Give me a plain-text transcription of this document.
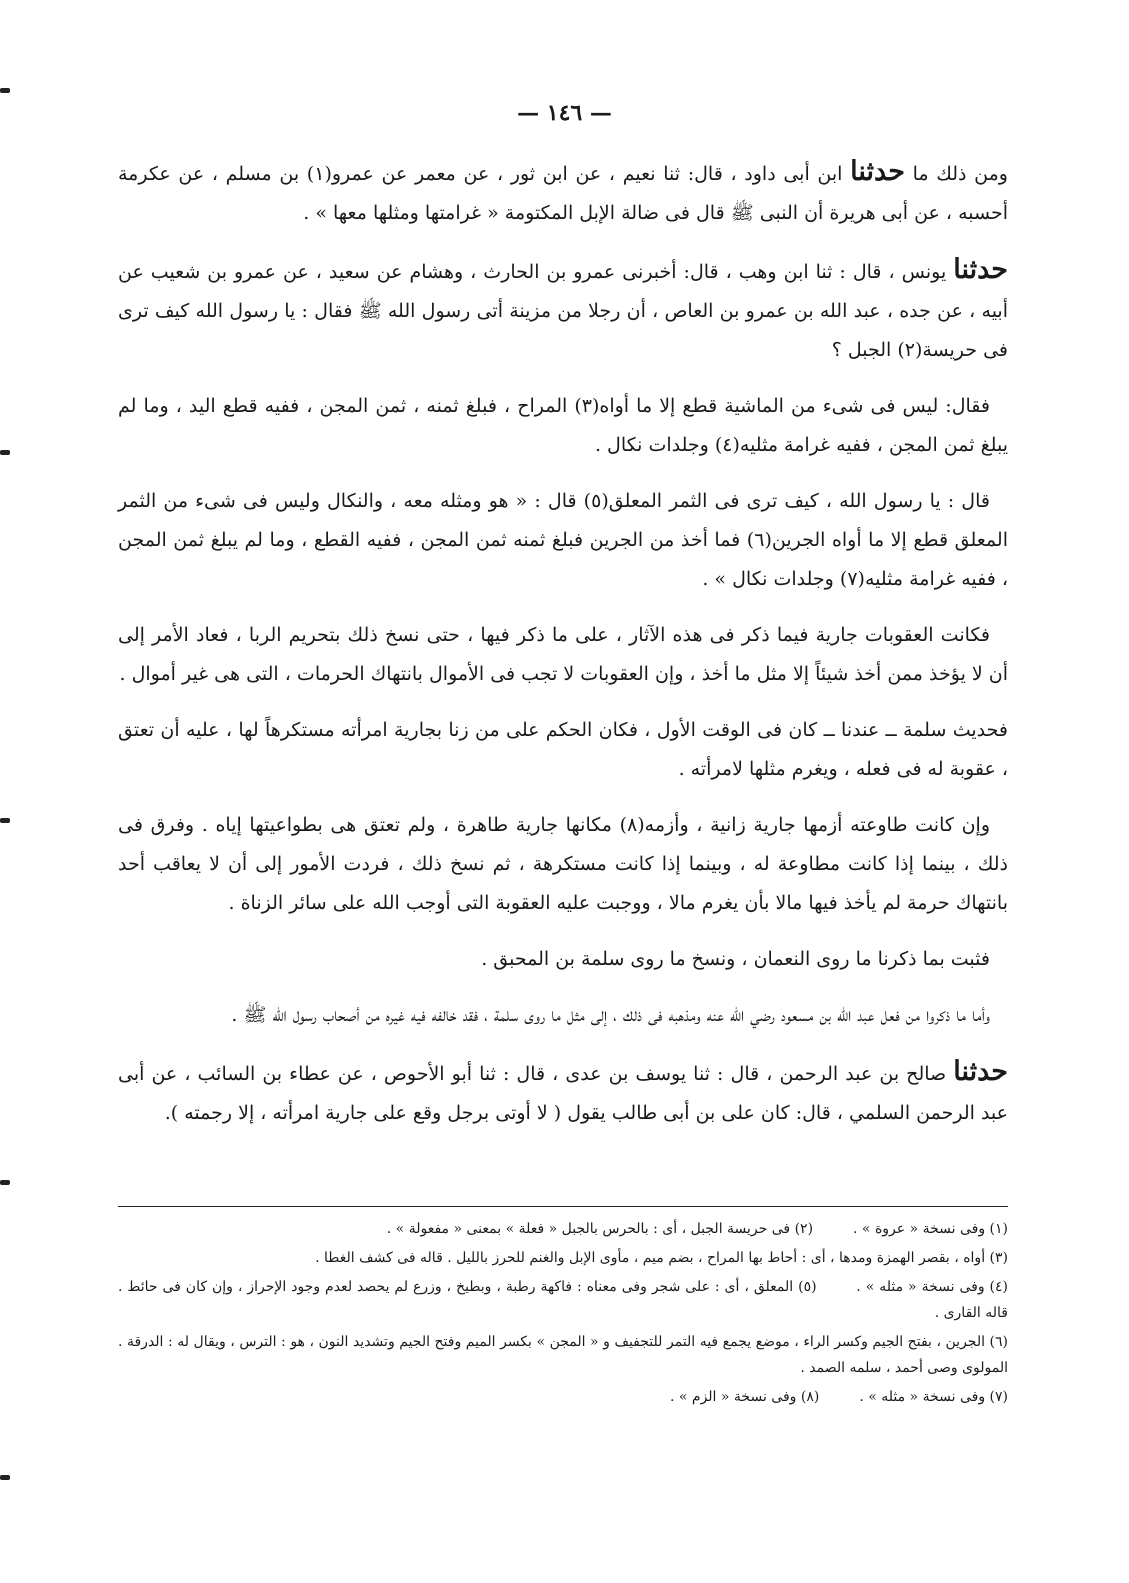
— ١٤٦ —

ومن ذلك ما حدثنا ابن أبى داود ، قال: ثنا نعيم ، عن ابن ثور ، عن معمر عن عمرو(١) بن مسلم ، عن عكرمة أحسبه ، عن أبى هريرة أن النبى ﷺ قال فى ضالة الإبل المكتومة « غرامتها ومثلها معها » .

حدثنا يونس ، قال : ثنا ابن وهب ، قال: أخبرنى عمرو بن الحارث ، وهشام عن سعيد ، عن عمرو بن شعيب عن أبيه ، عن جده ، عبد الله بن عمرو بن العاص ، أن رجلا من مزينة أتى رسول الله ﷺ فقال : يا رسول الله كيف ترى فى حريسة(٢) الجبل ؟

فقال: ليس فى شىء من الماشية قطع إلا ما أواه(٣) المراح ، فبلغ ثمنه ، ثمن المجن ، ففيه قطع اليد ، وما لم يبلغ ثمن المجن ، ففيه غرامة مثليه(٤) وجلدات نكال .

قال : يا رسول الله ، كيف ترى فى الثمر المعلق(٥) قال : « هو ومثله معه ، والنكال وليس فى شىء من الثمر المعلق قطع إلا ما أواه الجرين(٦) فما أخذ من الجرين فبلغ ثمنه ثمن المجن ، ففيه القطع ، وما لم يبلغ ثمن المجن ، ففيه غرامة مثليه(٧) وجلدات نكال » .

فكانت العقوبات جارية فيما ذكر فى هذه الآثار ، على ما ذكر فيها ، حتى نسخ ذلك بتحريم الربا ، فعاد الأمر إلى أن لا يؤخذ ممن أخذ شيئاً إلا مثل ما أخذ ، وإن العقوبات لا تجب فى الأموال بانتهاك الحرمات ، التى هى غير أموال .

فحديث سلمة ــ عندنا ــ كان فى الوقت الأول ، فكان الحكم على من زنا بجارية امرأته مستكرهاً لها ، عليه أن تعتق ، عقوبة له فى فعله ، ويغرم مثلها لامرأته .

وإن كانت طاوعته أزمها جارية زانية ، وأزمه(٨) مكانها جارية طاهرة ، ولم تعتق هى بطواعيتها إياه . وفرق فى ذلك ، بينما إذا كانت مطاوعة له ، وبينما إذا كانت مستكرهة ، ثم نسخ ذلك ، فردت الأمور إلى أن لا يعاقب أحد بانتهاك حرمة لم يأخذ فيها مالا بأن يغرم مالا ، ووجبت عليه العقوبة التى أوجب الله على سائر الزناة .

فثبت بما ذكرنا ما روى النعمان ، ونسخ ما روى سلمة بن المحبق .

وأما ما ذكروا من فعل عبد الله بن مسعود رضي الله عنه ومذهبه فى ذلك ، إلى مثل ما روى سلمة ، فقد خالفه فيه غيره من أصحاب رسول الله ﷺ .

حدثنا صالح بن عبد الرحمن ، قال : ثنا يوسف بن عدى ، قال : ثنا أبو الأحوص ، عن عطاء بن السائب ، عن أبى عبد الرحمن السلمي ، قال: كان على بن أبى طالب يقول ( لا أوتى برجل وقع على جارية امرأته ، إلا رجمته ).

(١) وفى نسخة « عروة » .
(٢) فى حريسة الجبل ، أى : بالحرس بالجبل « فعلة » بمعنى « مفعولة » .
(٣) أواه ، بقصر الهمزة ومدها ، أى : أحاط بها المراح ، بضم ميم ، مأوى الإبل والغنم للحرز بالليل . قاله فى كشف الغطا .
(٤) وفى نسخة « مثله » .        (٥) المعلق ، أى : على شجر وفى معناه : فاكهة رطبة ، وبطيخ ، وزرع لم يحصد لعدم وجود الإحراز ، وإن كان فى حائط . قاله القارى .
(٦) الجرين ، بفتح الجيم وكسر الراء ، موضع يجمع فيه التمر للتجفيف و « المجن » بكسر الميم وفتح الجيم وتشديد النون ، هو : الترس ، ويقال له : الدرقة . المولوى وصى أحمد ، سلمه الصمد .
(٧) وفى نسخة « مثله » .
(٨) وفى نسخة « الزم » .
